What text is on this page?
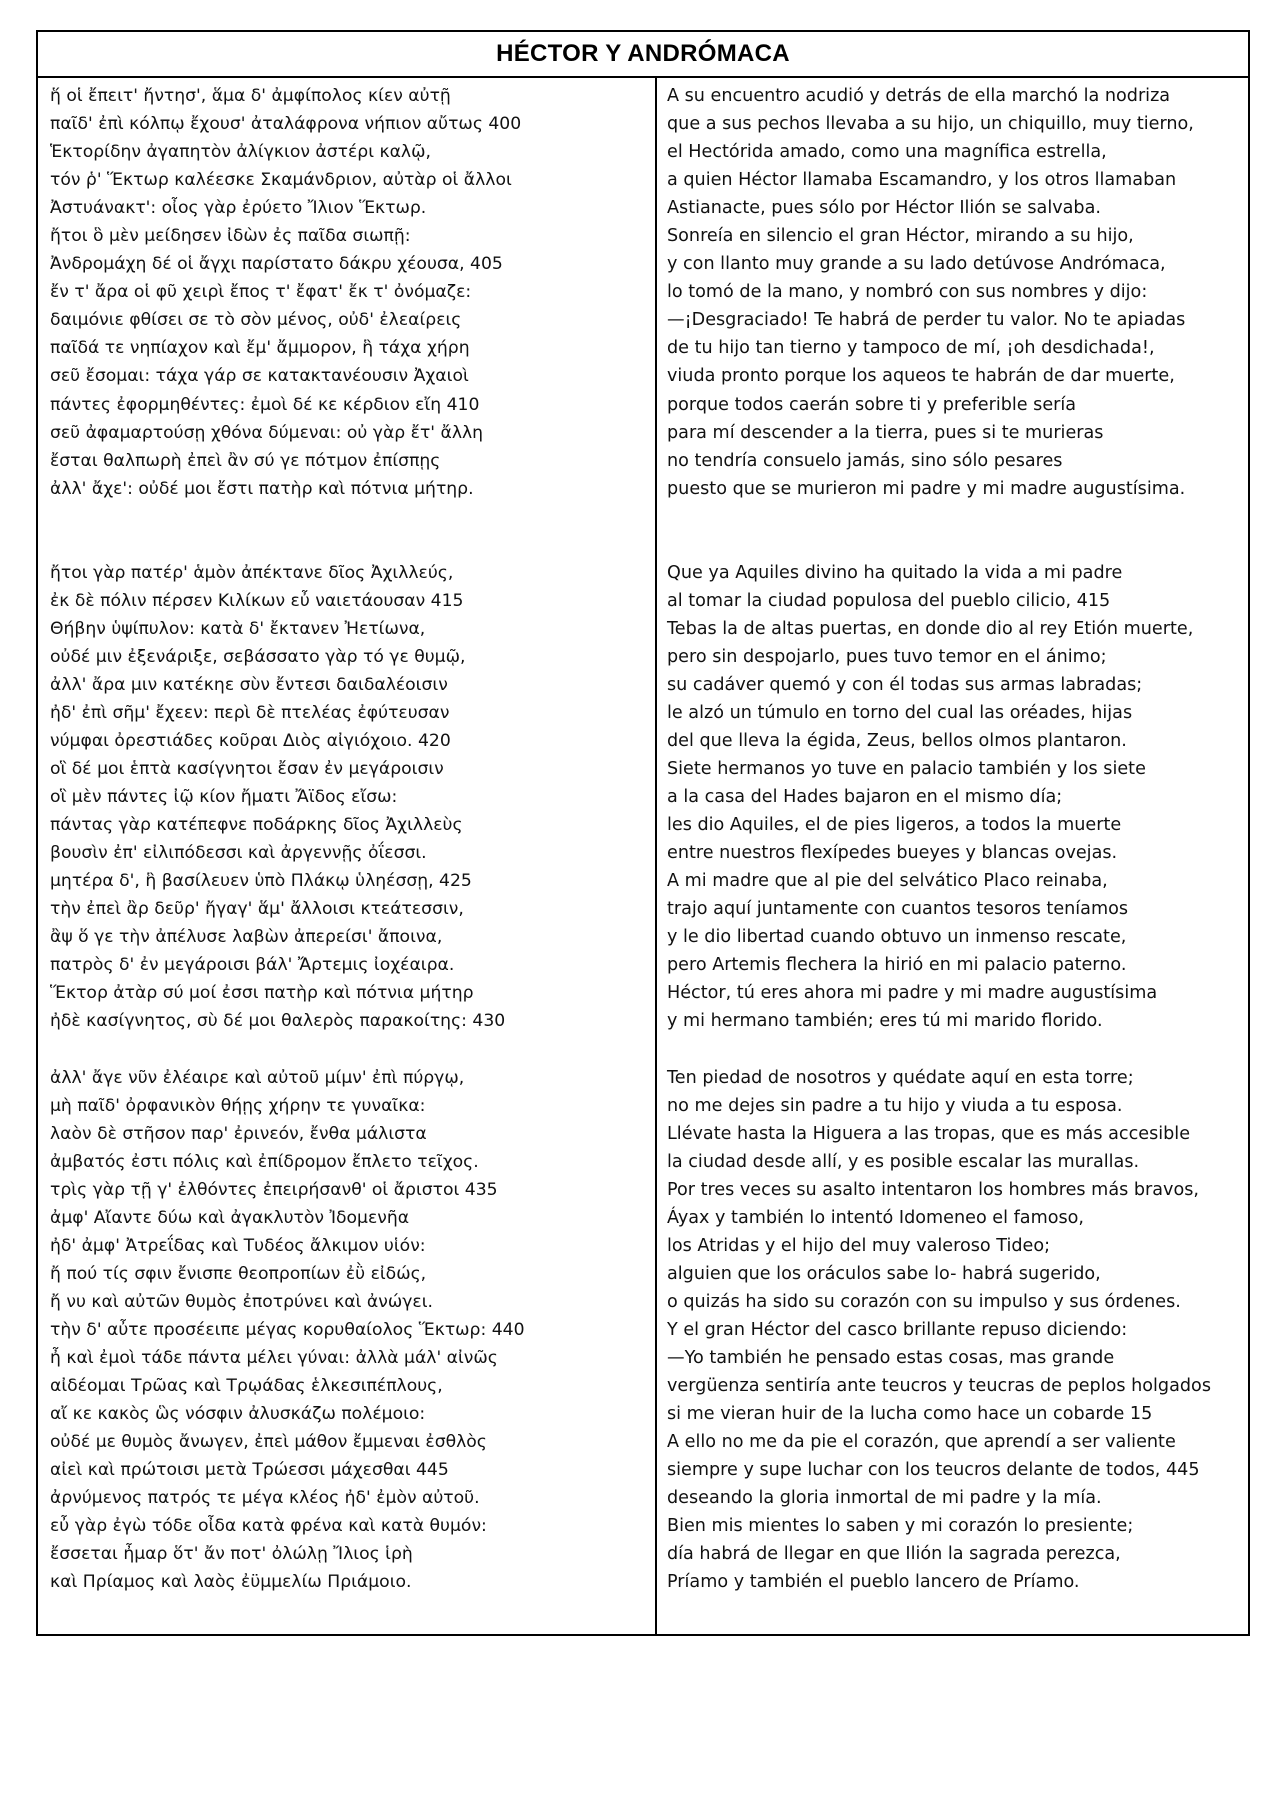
HÉCTOR Y ANDRÓMACA
ἥ οἱ ἔπειτ' ἤντησ', ἅμα δ' ἀμφίπολος κίεν αὐτῇ
παῖδ' ἐπὶ κόλπῳ ἔχουσ' ἀταλάφρονα νήπιον αὔτως 400
Ἑκτορίδην ἀγαπητὸν ἀλίγκιον ἀστέρι καλῷ,
τόν ῥ' Ἕκτωρ καλέεσκε Σκαμάνδριον, αὐτὰρ οἱ ἄλλοι
Ἀστυάνακτ': οἶος γὰρ ἐρύετο Ἴλιον Ἕκτωρ.
ἤτοι ὃ μὲν μείδησεν ἰδὼν ἐς παῖδα σιωπῇ:
Ἀνδρομάχη δέ οἱ ἄγχι παρίστατο δάκρυ χέουσα, 405
ἔν τ' ἄρα οἱ φῦ χειρὶ ἔπος τ' ἔφατ' ἔκ τ' ὀνόμαζε:
δαιμόνιε φθίσει σε τὸ σὸν μένος, οὐδ' ἐλεαίρεις
παῖδά τε νηπίαχον καὶ ἔμ' ἄμμορον, ἣ τάχα χήρη
σεῦ ἔσομαι: τάχα γάρ σε κατακτανέουσιν Ἀχαιοὶ
πάντες ἐφορμηθέντες: ἐμοὶ δέ κε κέρδιον εἴη 410
σεῦ ἀφαμαρτούσῃ χθόνα δύμεναι: οὐ γὰρ ἔτ' ἄλλη
ἔσται θαλπωρὴ ἐπεὶ ἂν σύ γε πότμον ἐπίσπῃς
ἀλλ' ἄχε': οὐδέ μοι ἔστι πατὴρ καὶ πότνια μήτηρ.
ἤτοι γὰρ πατέρ' ἁμὸν ἀπέκτανε δῖος Ἀχιλλεύς,
ἐκ δὲ πόλιν πέρσεν Κιλίκων εὖ ναιετάουσαν 415
Θήβην ὑψίπυλον: κατὰ δ' ἔκτανεν Ἠετίωνα,
οὐδέ μιν ἐξενάριξε, σεβάσσατο γὰρ τό γε θυμῷ,
ἀλλ' ἄρα μιν κατέκηε σὺν ἔντεσι δαιδαλέοισιν
ἠδ' ἐπὶ σῆμ' ἔχεεν: περὶ δὲ πτελέας ἐφύτευσαν
νύμφαι ὀρεστιάδες κοῦραι Διὸς αἰγιόχοιο. 420
οἳ δέ μοι ἑπτὰ κασίγνητοι ἔσαν ἐν μεγάροισιν
οἳ μὲν πάντες ἰῷ κίον ἤματι Ἄϊδος εἴσω:
πάντας γὰρ κατέπεφνε ποδάρκης δῖος Ἀχιλλεὺς
βουσὶν ἐπ' εἰλιπόδεσσι καὶ ἀργεννῇς ὀΐεσσι.
μητέρα δ', ἣ βασίλευεν ὑπὸ Πλάκῳ ὑληέσσῃ, 425
τὴν ἐπεὶ ἂρ δεῦρ' ἤγαγ' ἅμ' ἄλλοισι κτεάτεσσιν,
ἂψ ὅ γε τὴν ἀπέλυσε λαβὼν ἀπερείσι' ἄποινα,
πατρὸς δ' ἐν μεγάροισι βάλ' Ἄρτεμις ἰοχέαιρα.
Ἕκτορ ἀτὰρ σύ μοί ἐσσι πατὴρ καὶ πότνια μήτηρ
ἠδὲ κασίγνητος, σὺ δέ μοι θαλερὸς παρακοίτης: 430
ἀλλ' ἄγε νῦν ἐλέαιρε καὶ αὐτοῦ μίμν' ἐπὶ πύργῳ,
μὴ παῖδ' ὀρφανικὸν θήῃς χήρην τε γυναῖκα:
λαὸν δὲ στῆσον παρ' ἐρινεόν, ἔνθα μάλιστα
ἀμβατός ἐστι πόλις καὶ ἐπίδρομον ἔπλετο τεῖχος.
τρὶς γὰρ τῇ γ' ἐλθόντες ἐπειρήσανθ' οἱ ἄριστοι 435
ἀμφ' Αἴαντε δύω καὶ ἀγακλυτὸν Ἰδομενῆα
ἠδ' ἀμφ' Ἀτρεΐδας καὶ Τυδέος ἄλκιμον υἱόν:
ἤ πού τίς σφιν ἔνισπε θεοπροπίων ἐῢ εἰδώς,
ἤ νυ καὶ αὐτῶν θυμὸς ἐποτρύνει καὶ ἀνώγει.
τὴν δ' αὖτε προσέειπε μέγας κορυθαίολος Ἕκτωρ: 440
ἦ καὶ ἐμοὶ τάδε πάντα μέλει γύναι: ἀλλὰ μάλ' αἰνῶς
αἰδέομαι Τρῶας καὶ Τρῳάδας ἑλκεσιπέπλους,
αἴ κε κακὸς ὣς νόσφιν ἀλυσκάζω πολέμοιο:
οὐδέ με θυμὸς ἄνωγεν, ἐπεὶ μάθον ἔμμεναι ἐσθλὸς
αἰεὶ καὶ πρώτοισι μετὰ Τρώεσσι μάχεσθαι 445
ἀρνύμενος πατρός τε μέγα κλέος ἠδ' ἐμὸν αὐτοῦ.
εὖ γὰρ ἐγὼ τόδε οἶδα κατὰ φρένα καὶ κατὰ θυμόν:
ἔσσεται ἦμαρ ὅτ' ἄν ποτ' ὀλώλῃ Ἴλιος ἱρὴ
καὶ Πρίαμος καὶ λαὸς ἐϋμμελίω Πριάμοιο.
A su encuentro acudió y detrás de ella marchó la nodriza
que a sus pechos llevaba a su hijo, un chiquillo, muy tierno,
el Hectórida amado, como una magnífica estrella,
a quien Héctor llamaba Escamandro, y los otros llamaban
Astianacte, pues sólo por Héctor Ilión se salvaba.
Sonreía en silencio el gran Héctor, mirando a su hijo,
y con llanto muy grande a su lado detúvose Andrómaca,
lo tomó de la mano, y nombró con sus nombres y dijo:
—¡Desgraciado! Te habrá de perder tu valor. No te apiadas
de tu hijo tan tierno y tampoco de mí, ¡oh desdichada!,
viuda pronto porque los aqueos te habrán de dar muerte,
porque todos caerán sobre ti y preferible sería
para mí descender a la tierra, pues si te murieras
no tendría consuelo jamás, sino sólo pesares
puesto que se murieron mi padre y mi madre augustísima.
Que ya Aquiles divino ha quitado la vida a mi padre
al tomar la ciudad populosa del pueblo cilicio, 415
Tebas la de altas puertas, en donde dio al rey Etión muerte,
pero sin despojarlo, pues tuvo temor en el ánimo;
su cadáver quemó y con él todas sus armas labradas;
le alzó un túmulo en torno del cual las oréades, hijas
del que lleva la égida, Zeus, bellos olmos plantaron.
Siete hermanos yo tuve en palacio también y los siete
a la casa del Hades bajaron en el mismo día;
les dio Aquiles, el de pies ligeros, a todos la muerte
entre nuestros flexípedes bueyes y blancas ovejas.
A mi madre que al pie del selvático Placo reinaba,
trajo aquí juntamente con cuantos tesoros teníamos
y le dio libertad cuando obtuvo un inmenso rescate,
pero Artemis flechera la hirió en mi palacio paterno.
Héctor, tú eres ahora mi padre y mi madre augustísima
y mi hermano también; eres tú mi marido florido.
Ten piedad de nosotros y quédate aquí en esta torre;
no me dejes sin padre a tu hijo y viuda a tu esposa.
Llévate hasta la Higuera a las tropas, que es más accesible
la ciudad desde allí, y es posible escalar las murallas.
Por tres veces su asalto intentaron los hombres más bravos,
Áyax y también lo intentó Idomeneo el famoso,
los Atridas y el hijo del muy valeroso Tideo;
alguien que los oráculos sabe lo- habrá sugerido,
o quizás ha sido su corazón con su impulso y sus órdenes.
Y el gran Héctor del casco brillante repuso diciendo:
—Yo también he pensado estas cosas, mas grande
vergüenza sentiría ante teucros y teucras de peplos holgados
si me vieran huir de la lucha como hace un cobarde 15
A ello no me da pie el corazón, que aprendí a ser valiente
siempre y supe luchar con los teucros delante de todos, 445
deseando la gloria inmortal de mi padre y la mía.
Bien mis mientes lo saben y mi corazón lo presiente;
día habrá de llegar en que Ilión la sagrada perezca,
Príamo y también el pueblo lancero de Príamo.
